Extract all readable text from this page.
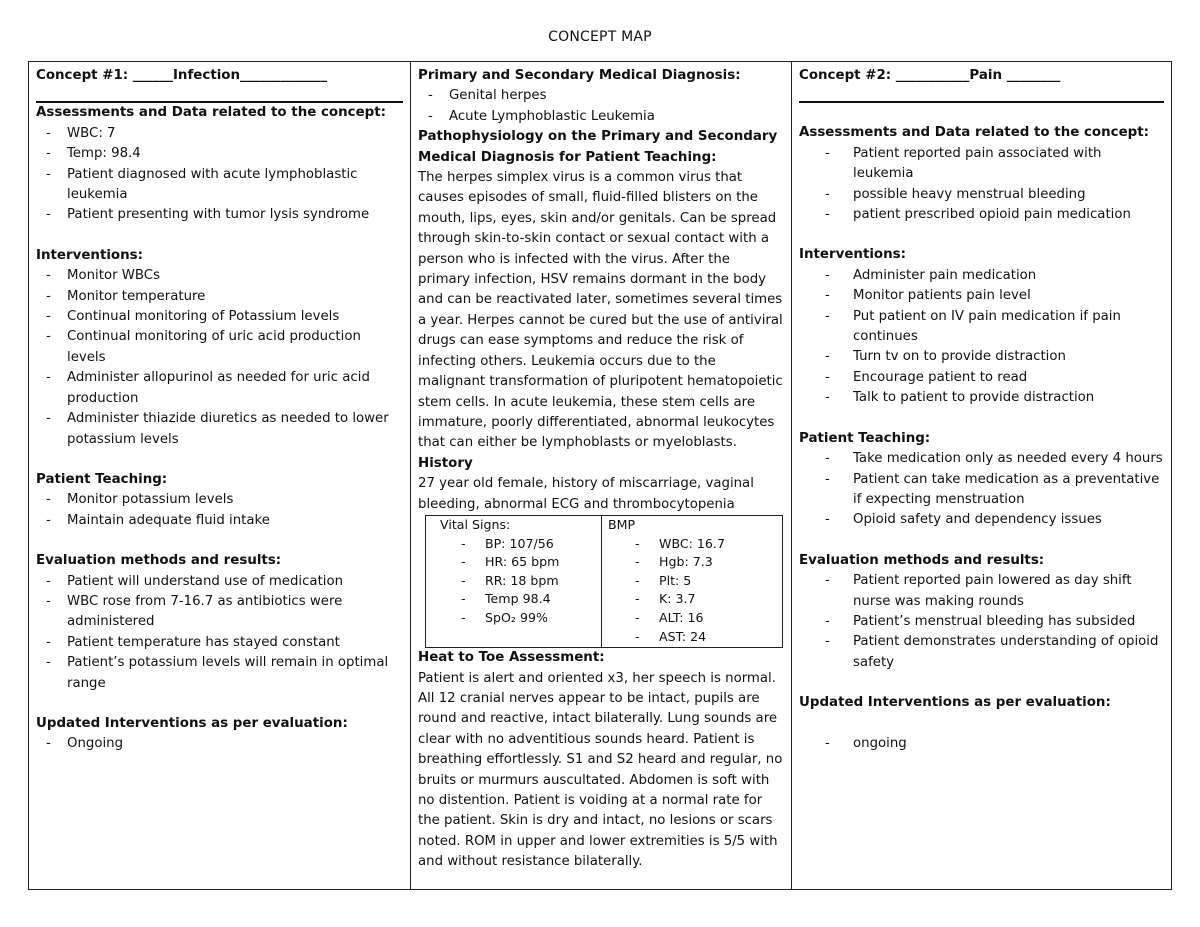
CONCEPT MAP
Concept #1: ______Infection_____________
Assessments and Data related to the concept:
- WBC: 7
- Temp: 98.4
- Patient diagnosed with acute lymphoblastic leukemia
- Patient presenting with tumor lysis syndrome
Interventions:
- Monitor WBCs
- Monitor temperature
- Continual monitoring of Potassium levels
- Continual monitoring of uric acid production levels
- Administer allopurinol as needed for uric acid production
- Administer thiazide diuretics as needed to lower potassium levels
Patient Teaching:
- Monitor potassium levels
- Maintain adequate fluid intake
Evaluation methods and results:
- Patient will understand use of medication
- WBC rose from 7-16.7 as antibiotics were administered
- Patient temperature has stayed constant
- Patient’s potassium levels will remain in optimal range
Updated Interventions as per evaluation:
- Ongoing
Primary and Secondary Medical Diagnosis:
- Genital herpes
- Acute Lymphoblastic Leukemia
Pathophysiology on the Primary and Secondary Medical Diagnosis for Patient Teaching:

The herpes simplex virus is a common virus that causes episodes of small, fluid-filled blisters on the mouth, lips, eyes, skin and/or genitals. Can be spread through skin-to-skin contact or sexual contact with a person who is infected with the virus. After the primary infection, HSV remains dormant in the body and can be reactivated later, sometimes several times a year. Herpes cannot be cured but the use of antiviral drugs can ease symptoms and reduce the risk of infecting others. Leukemia occurs due to the malignant transformation of pluripotent hematopoietic stem cells. In acute leukemia, these stem cells are immature, poorly differentiated, abnormal leukocytes that can either be lymphoblasts or myeloblasts.

History

27 year old female, history of miscarriage, vaginal bleeding, abnormal ECG and thrombocytopenia

Vital Signs:
- BP: 107/56
- HR: 65 bpm
- RR: 18 bpm
- Temp 98.4
- SpO₂ 99%
BMP
- WBC: 16.7
- Hgb: 7.3
- Plt: 5
- K: 3.7
- ALT: 16
- AST: 24
Heat to Toe Assessment:

Patient is alert and oriented x3, her speech is normal. All 12 cranial nerves appear to be intact, pupils are round and reactive, intact bilaterally. Lung sounds are clear with no adventitious sounds heard. Patient is breathing effortlessly. S1 and S2 heard and regular, no bruits or murmurs auscultated. Abdomen is soft with no distention. Patient is voiding at a normal rate for the patient. Skin is dry and intact, no lesions or scars noted. ROM in upper and lower extremities is 5/5 with and without resistance bilaterally.

Concept #2: ___________Pain ________
Assessments and Data related to the concept:
- Patient reported pain associated with leukemia
- possible heavy menstrual bleeding
- patient prescribed opioid pain medication
Interventions:
- Administer pain medication
- Monitor patients pain level
- Put patient on IV pain medication if pain continues
- Turn tv on to provide distraction
- Encourage patient to read
- Talk to patient to provide distraction
Patient Teaching:
- Take medication only as needed every 4 hours
- Patient can take medication as a preventative if expecting menstruation
- Opioid safety and dependency issues
Evaluation methods and results:
- Patient reported pain lowered as day shift nurse was making rounds
- Patient’s menstrual bleeding has subsided
- Patient demonstrates understanding of opioid safety
Updated Interventions as per evaluation:
- ongoing
